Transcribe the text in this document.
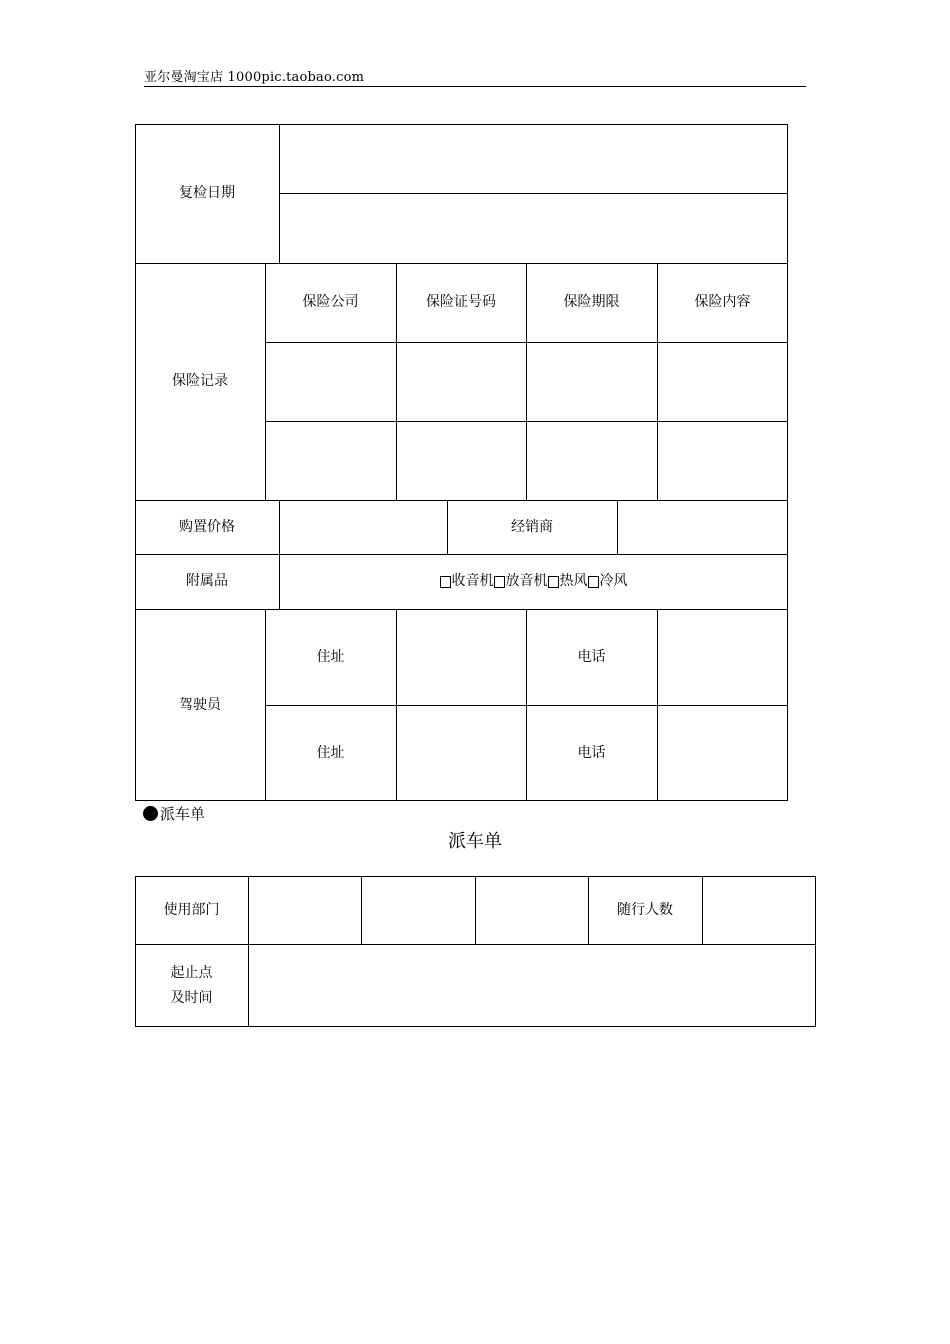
亚尔曼淘宝店 1000pic.taobao.com
复检日期
保险记录
保险公司	保险证号码	保险期限	保险内容
购置价格	经销商
附属品	收音机 放音机 热风 冷风
驾驶员
住址	电话
住址	电话
派车单
派车单
使用部门	随行人数
起止点
及时间
